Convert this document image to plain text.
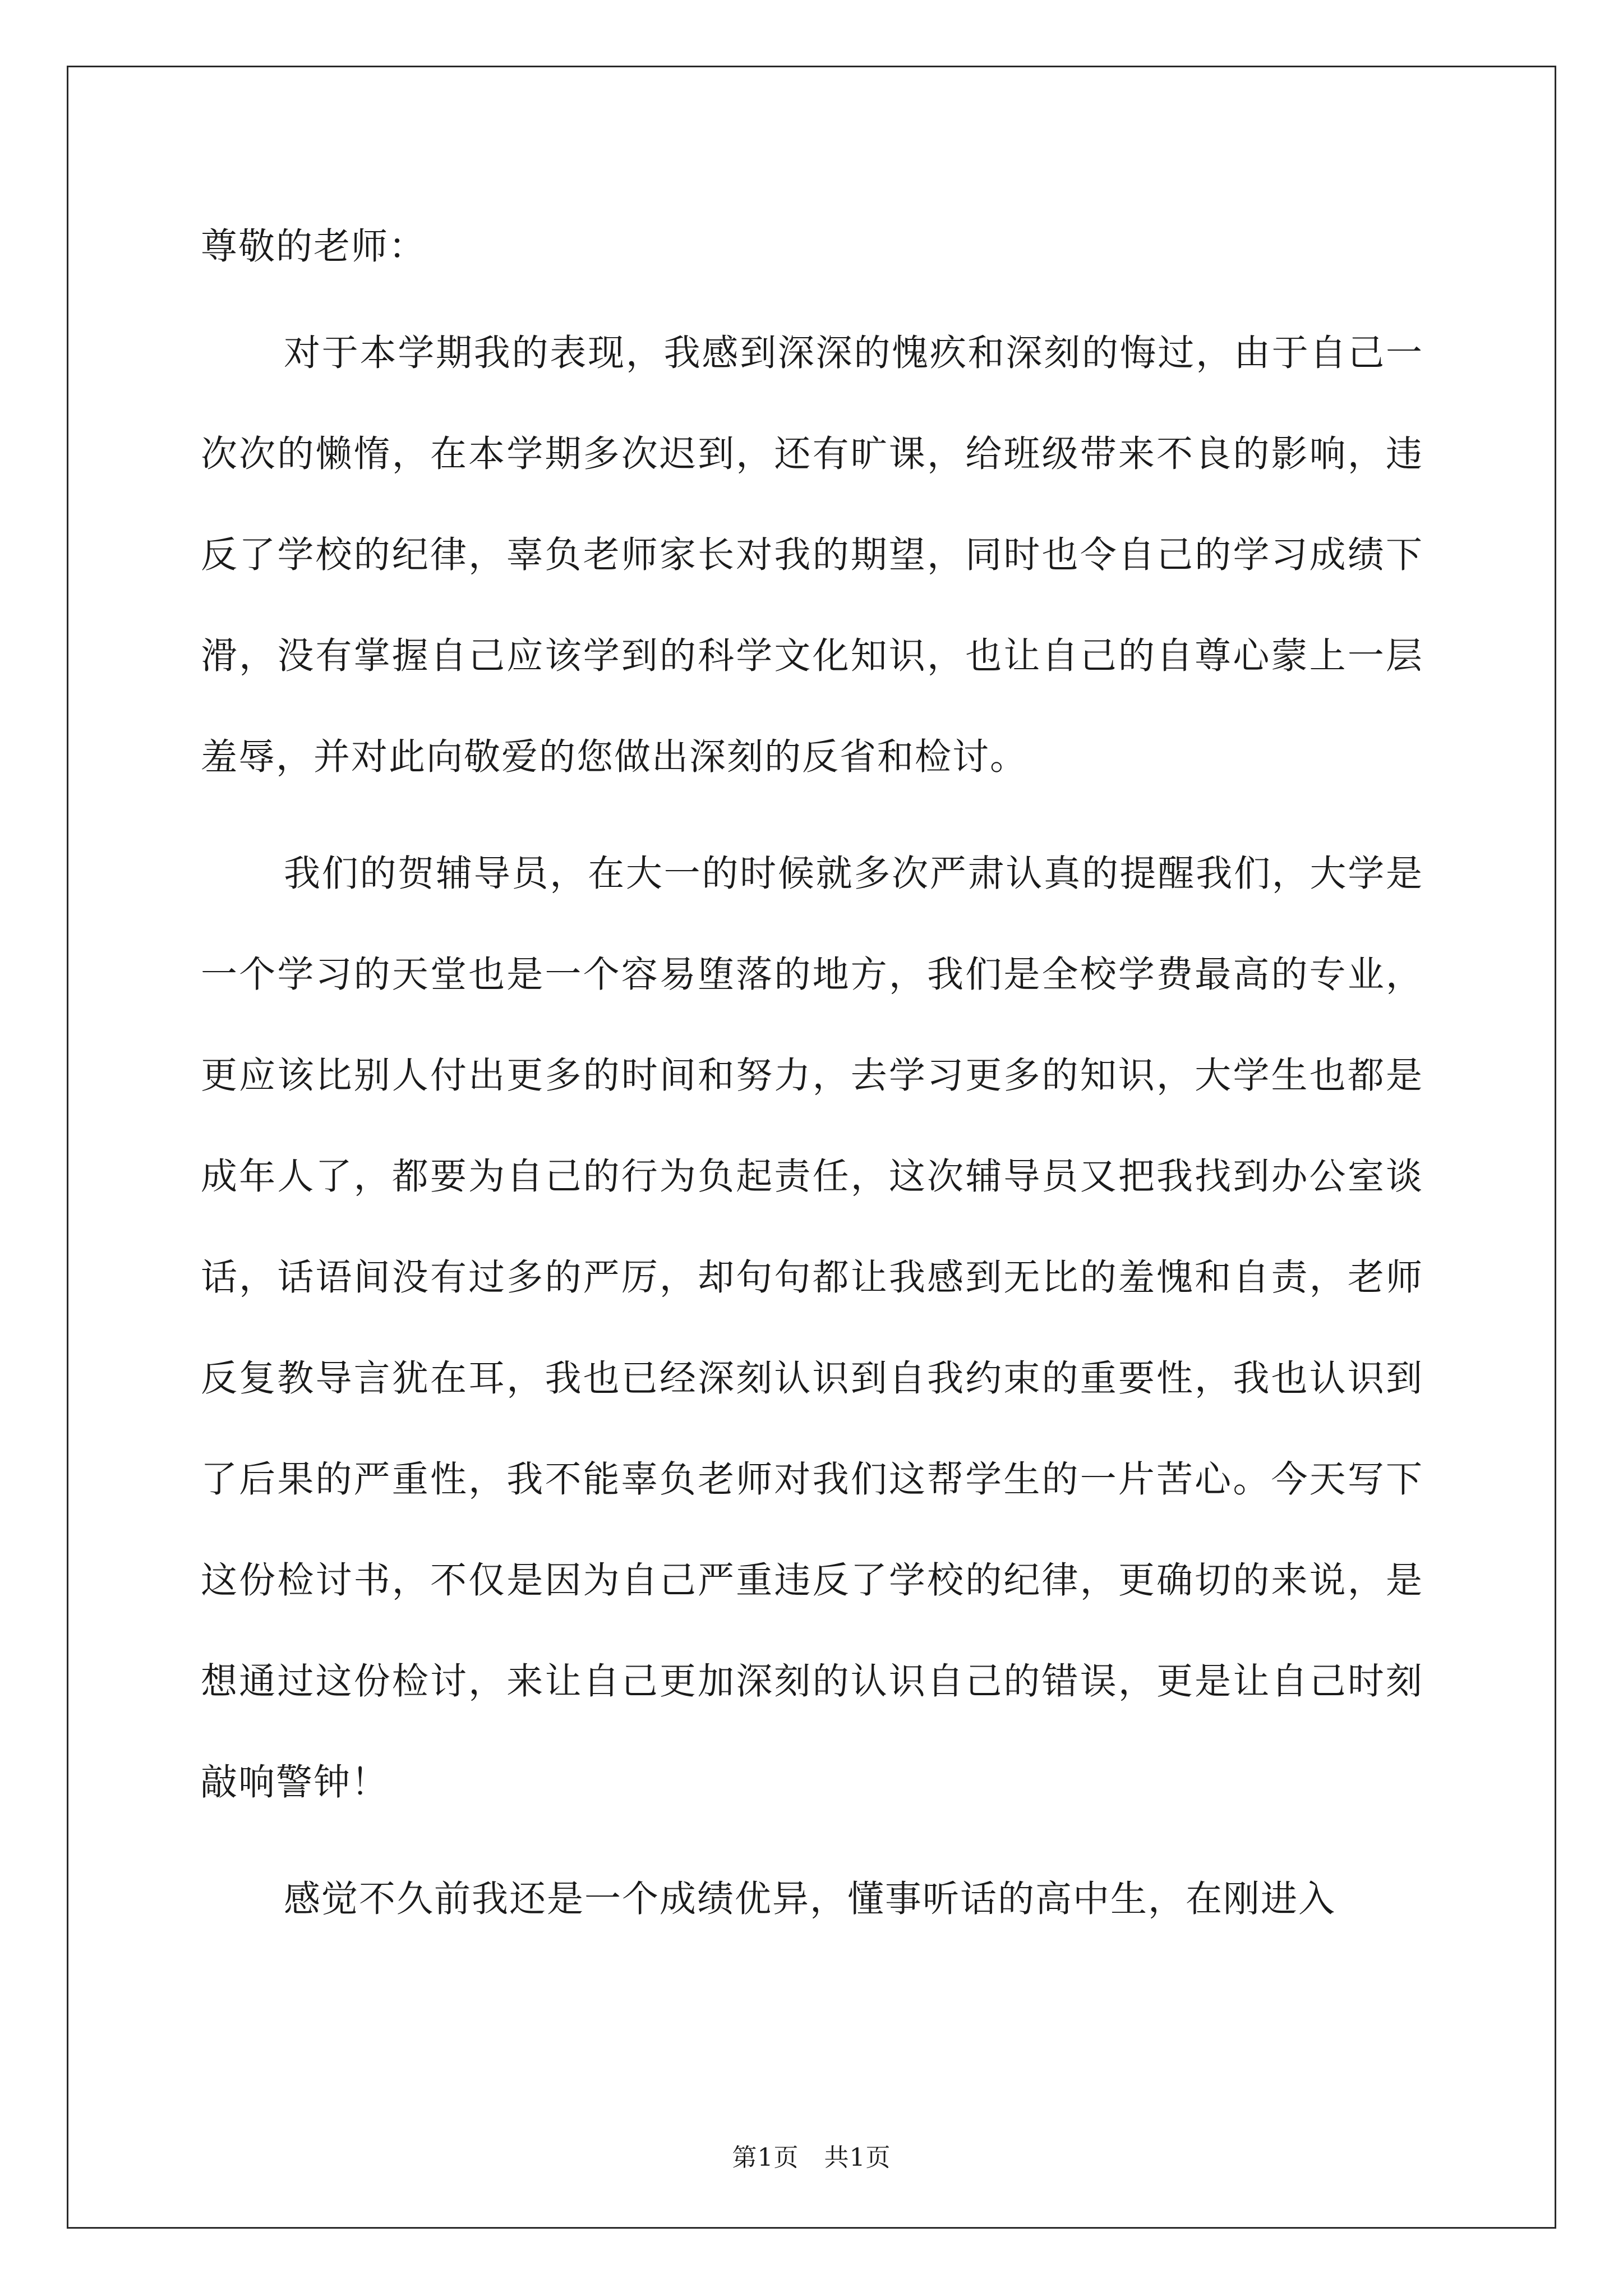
尊敬的老师：

对于本学期我的表现，我感到深深的愧疚和深刻的悔过，由于自己一次次的懒惰，在本学期多次迟到，还有旷课，给班级带来不良的影响，违反了学校的纪律，辜负老师家长对我的期望，同时也令自己的学习成绩下滑，没有掌握自己应该学到的科学文化知识，也让自己的自尊心蒙上一层羞辱，并对此向敬爱的您做出深刻的反省和检讨。

我们的贺辅导员，在大一的时候就多次严肃认真的提醒我们，大学是一个学习的天堂也是一个容易堕落的地方，我们是全校学费最高的专业，更应该比别人付出更多的时间和努力，去学习更多的知识，大学生也都是成年人了，都要为自己的行为负起责任，这次辅导员又把我找到办公室谈话，话语间没有过多的严厉，却句句都让我感到无比的羞愧和自责，老师反复教导言犹在耳，我也已经深刻认识到自我约束的重要性，我也认识到了后果的严重性，我不能辜负老师对我们这帮学生的一片苦心。今天写下这份检讨书，不仅是因为自己严重违反了学校的纪律，更确切的来说，是想通过这份检讨，来让自己更加深刻的认识自己的错误，更是让自己时刻敲响警钟！

感觉不久前我还是一个成绩优异，懂事听话的高中生，在刚进入

第1页　共1页
